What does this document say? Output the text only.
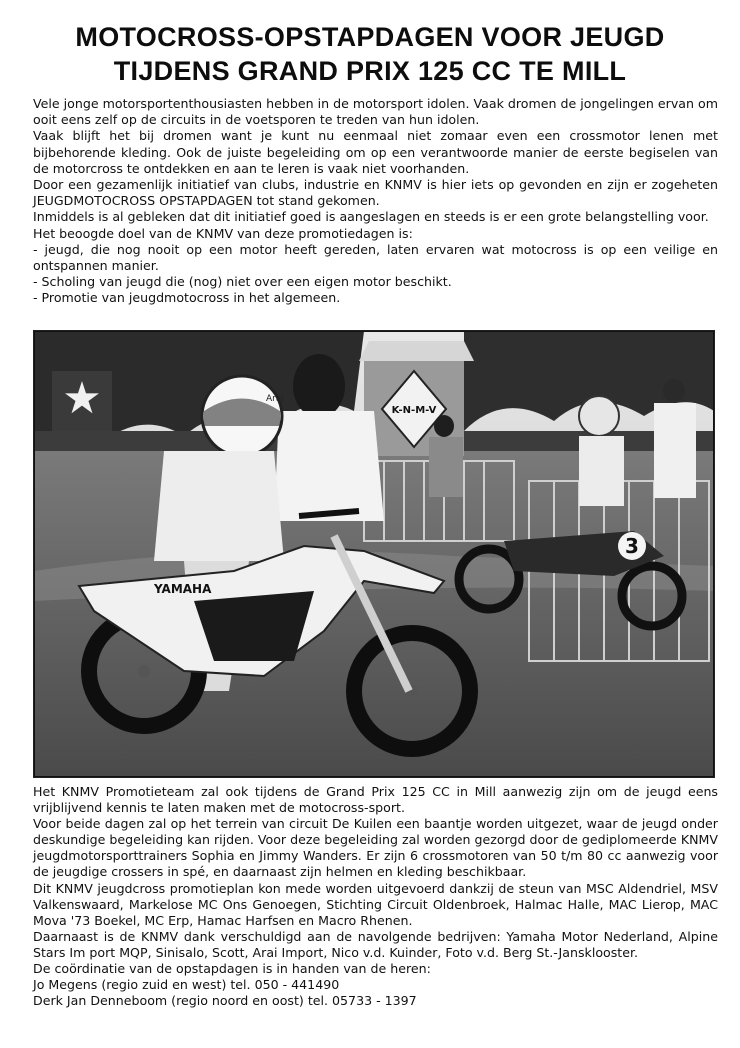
MOTOCROSS-OPSTAPDAGEN VOOR JEUGD
TIJDENS GRAND PRIX 125 CC TE MILL

Vele jonge motorsportenthousiasten hebben in de motorsport idolen. Vaak dromen de jongelingen ervan om ooit eens zelf op de circuits in de voetsporen te treden van hun idolen.

Vaak blijft het bij dromen want je kunt nu eenmaal niet zomaar even een crossmotor lenen met bijbehorende kleding. Ook de juiste begeleiding om op een verantwoorde manier de eerste begiselen van de motorcross te ontdekken en aan te leren is vaak niet voorhanden.

Door een gezamenlijk initiatief van clubs, industrie en KNMV is hier iets op gevonden en zijn er zogeheten JEUGDMOTOCROSS OPSTAPDAGEN tot stand gekomen.

Inmiddels is al gebleken dat dit initiatief goed is aangeslagen en steeds is er een grote belangstelling voor.

Het beoogde doel van de KNMV van deze promotiedagen is:

- jeugd, die nog nooit op een motor heeft gereden, laten ervaren wat motocross is op een veilige en ontspannen manier.

- Scholing van jeugd die (nog) niet over een eigen motor beschikt.

- Promotie van jeugdmotocross in het algemeen.

★	K-N-M-V
3
Arai
YAMAHA

Het KNMV Promotieteam zal ook tijdens de Grand Prix 125 CC in Mill aanwezig zijn om de jeugd eens vrijblijvend kennis te laten maken met de motocross-sport.

Voor beide dagen zal op het terrein van circuit De Kuilen een baantje worden uitgezet, waar de jeugd onder deskundige begeleiding kan rijden. Voor deze begeleiding zal worden gezorgd door de gediplomeerde KNMV jeugdmotorsporttrainers Sophia en Jimmy Wanders. Er zijn 6 crossmotoren van 50 t/m 80 cc aanwezig voor de jeugdige crossers in spé, en daarnaast zijn helmen en kleding beschikbaar.

Dit KNMV jeugdcross promotieplan kon mede worden uitgevoerd dankzij de steun van MSC Aldendriel, MSV Valkenswaard, Markelose MC Ons Genoegen, Stichting Circuit Oldenbroek, Halmac Halle, MAC Lierop, MAC Mova '73 Boekel, MC Erp, Hamac Harfsen en Macro Rhenen.

Daarnaast is de KNMV dank verschuldigd aan de navolgende bedrijven: Yamaha Motor Nederland, Alpine Stars Im port MQP, Sinisalo, Scott, Arai Import, Nico v.d. Kuinder, Foto v.d. Berg St.-Jansklooster.

De coördinatie van de opstapdagen is in handen van de heren:

Jo Megens (regio zuid en west) tel. 050 - 441490

Derk Jan Denneboom (regio noord en oost) tel. 05733 - 1397
